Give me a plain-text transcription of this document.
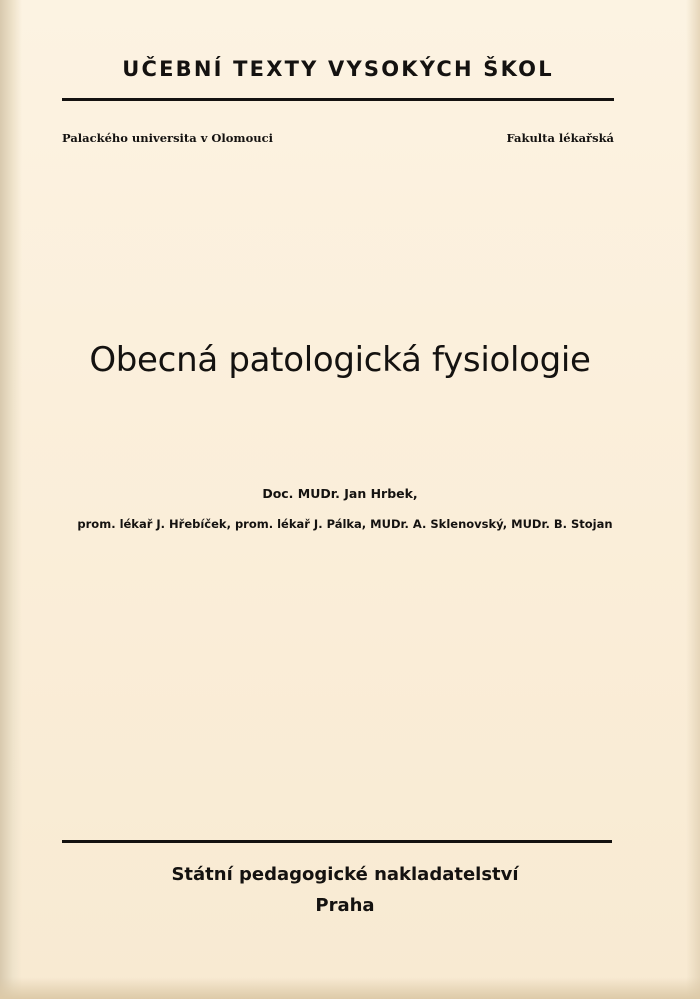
UČEBNÍ TEXTY VYSOKÝCH ŠKOL
Palackého universita v Olomouci	Fakulta lékařská
Obecná patologická fysiologie
Doc. MUDr. Jan Hrbek,
prom. lékař J. Hřebíček, prom. lékař J. Pálka, MUDr. A. Sklenovský, MUDr. B. Stojan
Státní pedagogické nakladatelství
Praha
